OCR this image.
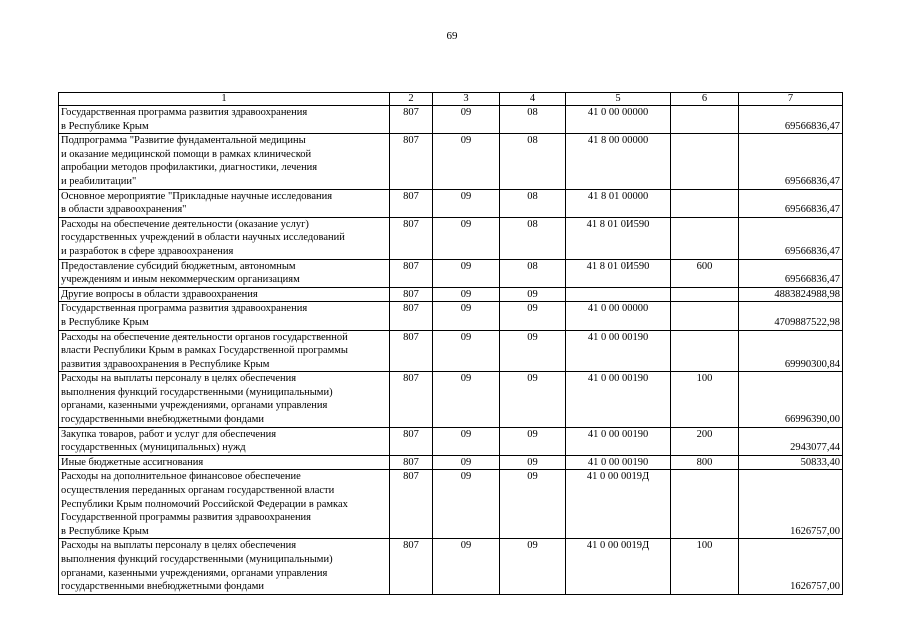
69
1	2	3	4	5	6	7
Государственная программа развития здравоохранения
в Республике Крым	807	09	08	41 0 00 00000		69566836,47
Подпрограмма "Развитие фундаментальной медицины
и оказание медицинской помощи в рамках клинической
апробации методов профилактики, диагностики, лечения
и реабилитации"	807	09	08	41 8 00 00000		69566836,47
Основное мероприятие "Прикладные научные исследования
в области здравоохранения"	807	09	08	41 8 01 00000		69566836,47
Расходы на обеспечение деятельности (оказание услуг)
государственных учреждений в области научных исследований
и разработок в сфере здравоохранения	807	09	08	41 8 01 0И590		69566836,47
Предоставление субсидий бюджетным, автономным
учреждениям и иным некоммерческим организациям	807	09	08	41 8 01 0И590	600	69566836,47
Другие вопросы в области здравоохранения	807	09	09			4883824988,98
Государственная программа развития здравоохранения
в Республике Крым	807	09	09	41 0 00 00000		4709887522,98
Расходы на обеспечение деятельности органов государственной
власти Республики Крым в рамках Государственной программы
развития здравоохранения в Республике Крым	807	09	09	41 0 00 00190		69990300,84
Расходы на выплаты персоналу в целях обеспечения
выполнения функций государственными (муниципальными)
органами, казенными учреждениями, органами управления
государственными внебюджетными фондами	807	09	09	41 0 00 00190	100	66996390,00
Закупка товаров, работ и услуг для обеспечения
государственных (муниципальных) нужд	807	09	09	41 0 00 00190	200	2943077,44
Иные бюджетные ассигнования	807	09	09	41 0 00 00190	800	50833,40
Расходы на дополнительное финансовое обеспечение
осуществления переданных органам государственной власти
Республики Крым полномочий Российской Федерации в рамках
Государственной программы развития здравоохранения
в Республике Крым	807	09	09	41 0 00 0019Д		1626757,00
Расходы на выплаты персоналу в целях обеспечения
выполнения функций государственными (муниципальными)
органами, казенными учреждениями, органами управления
государственными внебюджетными фондами	807	09	09	41 0 00 0019Д	100	1626757,00
